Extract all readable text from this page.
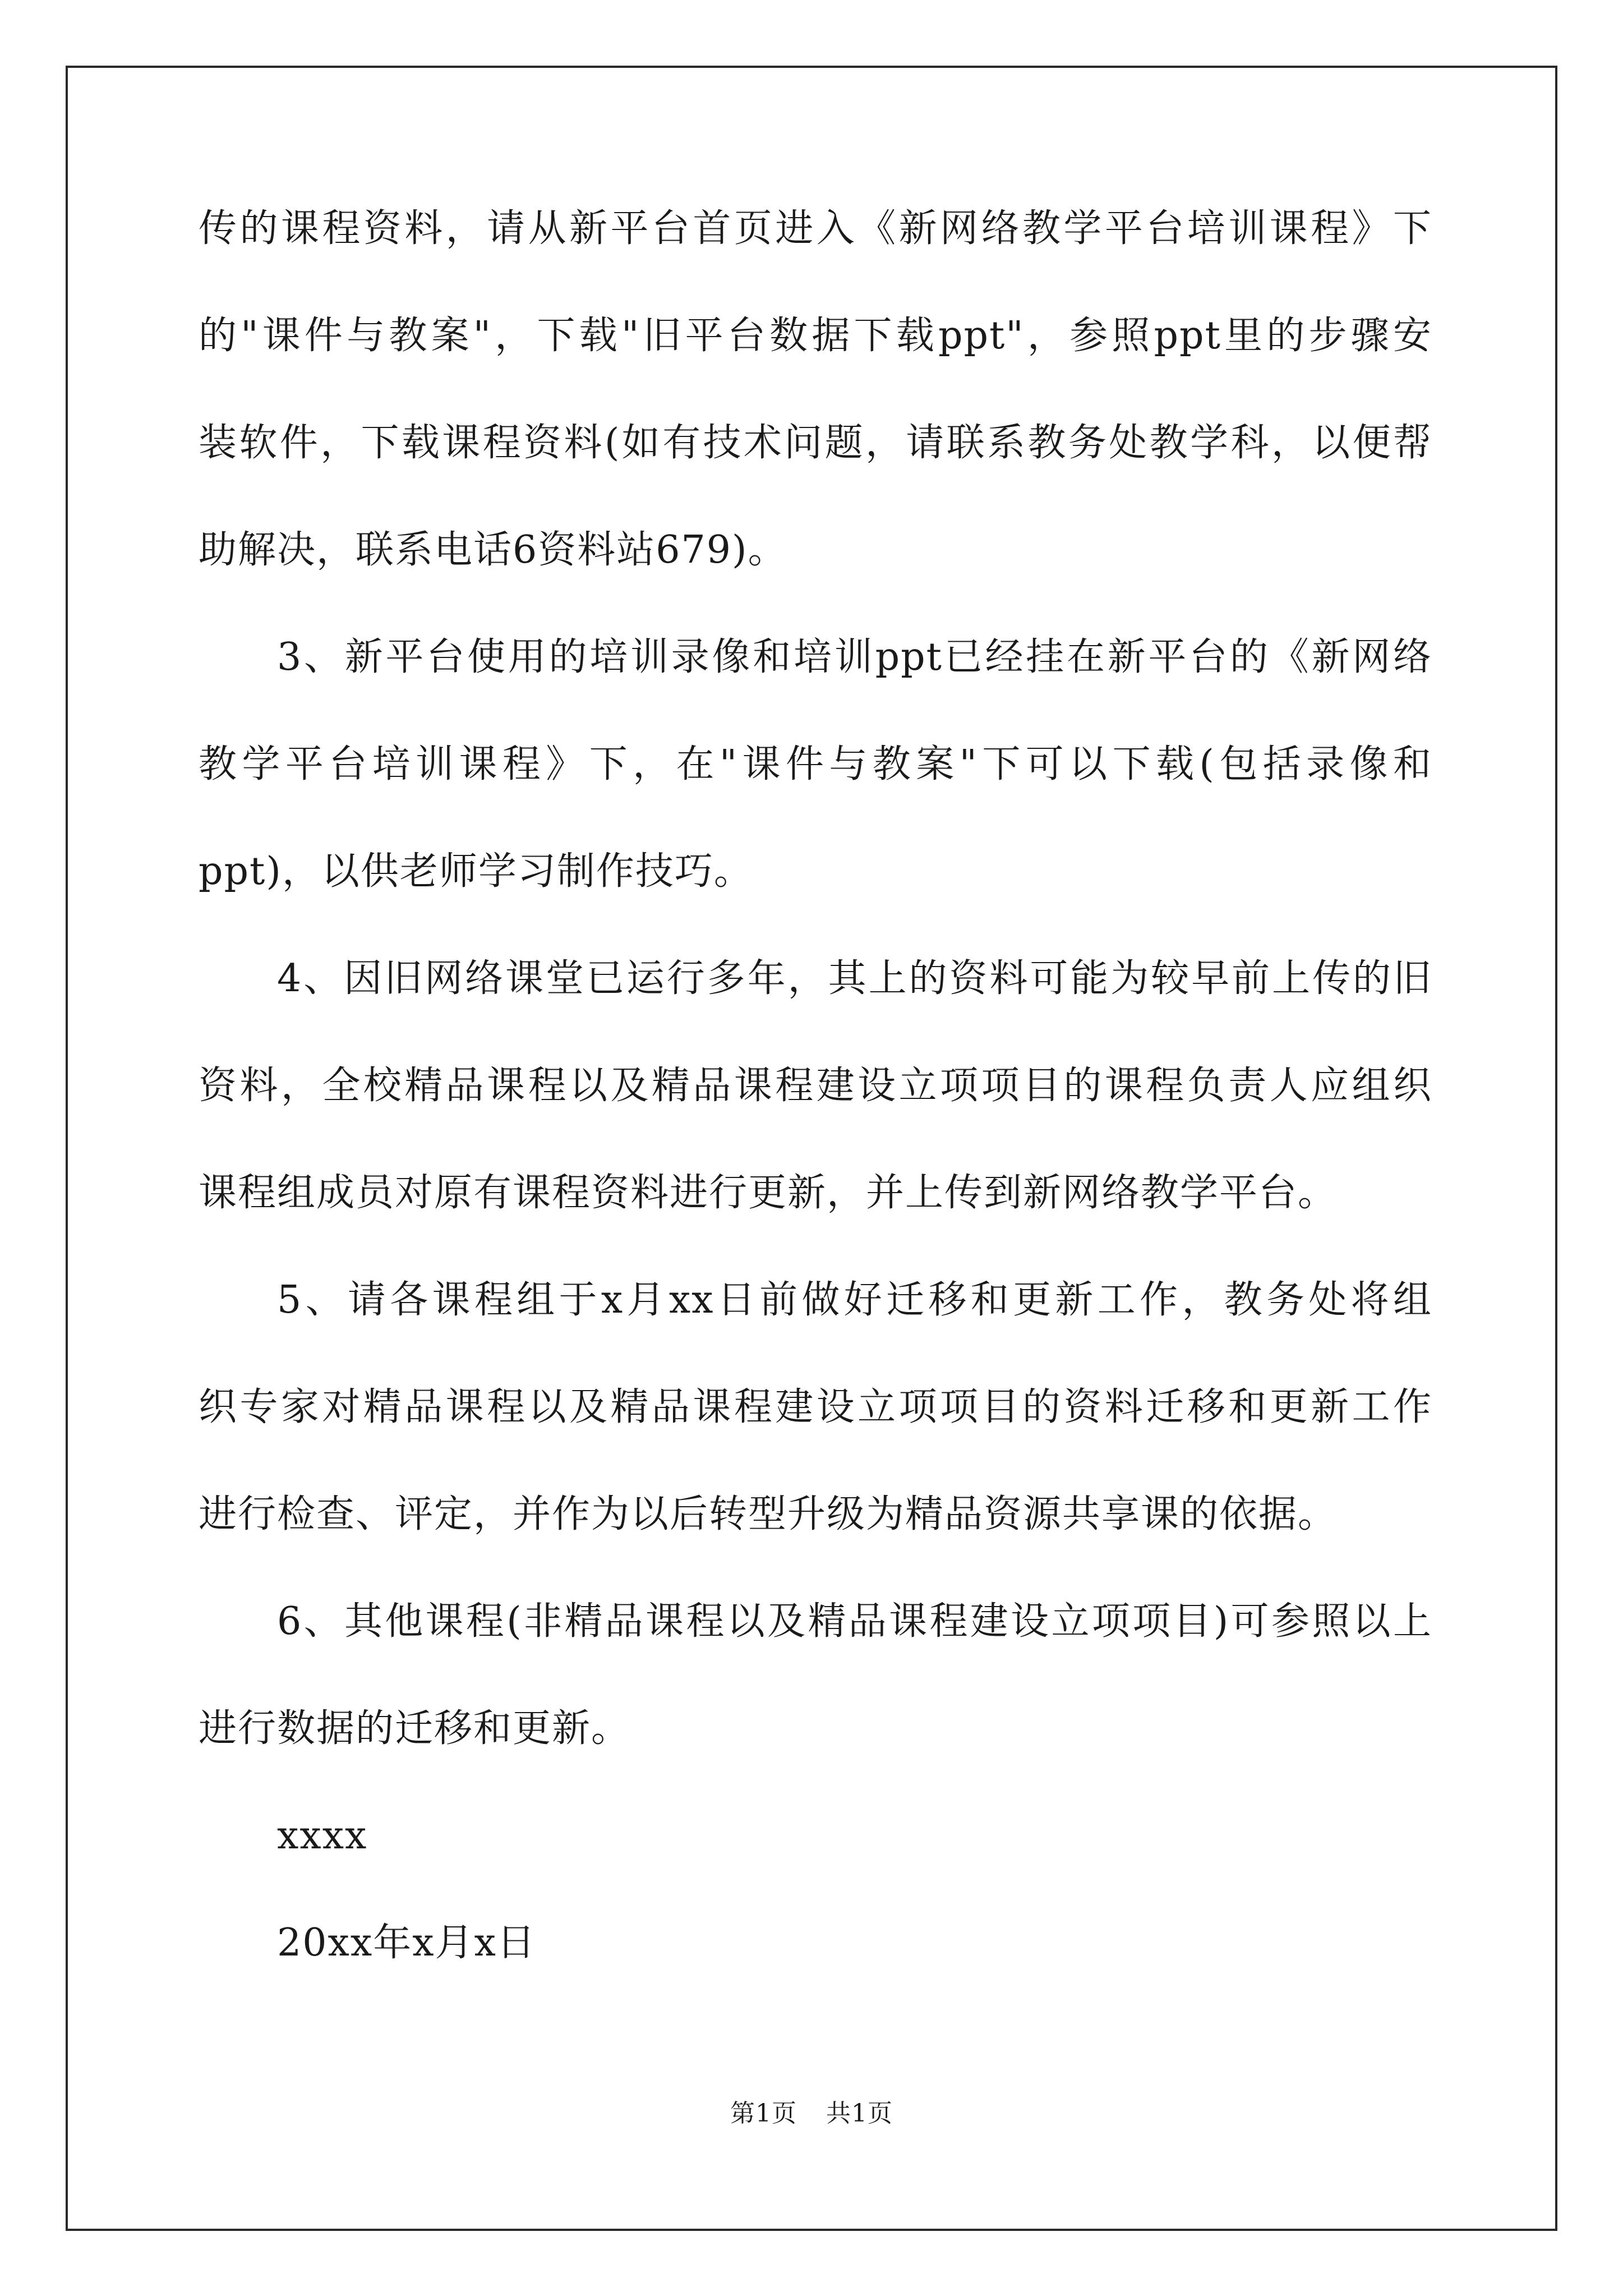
传的课程资料，请从新平台首页进入《新网络教学平台培训课程》下
的"课件与教案"，下载"旧平台数据下载ppt"，参照ppt里的步骤安
装软件，下载课程资料(如有技术问题，请联系教务处教学科，以便帮
助解决，联系电话6资料站679)。
3、新平台使用的培训录像和培训ppt已经挂在新平台的《新网络
教学平台培训课程》下，在"课件与教案"下可以下载(包括录像和
ppt)，以供老师学习制作技巧。
4、因旧网络课堂已运行多年，其上的资料可能为较早前上传的旧
资料，全校精品课程以及精品课程建设立项项目的课程负责人应组织
课程组成员对原有课程资料进行更新，并上传到新网络教学平台。
5、请各课程组于x月xx日前做好迁移和更新工作，教务处将组
织专家对精品课程以及精品课程建设立项项目的资料迁移和更新工作
进行检查、评定，并作为以后转型升级为精品资源共享课的依据。
6、其他课程(非精品课程以及精品课程建设立项项目)可参照以上
进行数据的迁移和更新。
xxxx
20xx年x月x日
第1页 共1页
